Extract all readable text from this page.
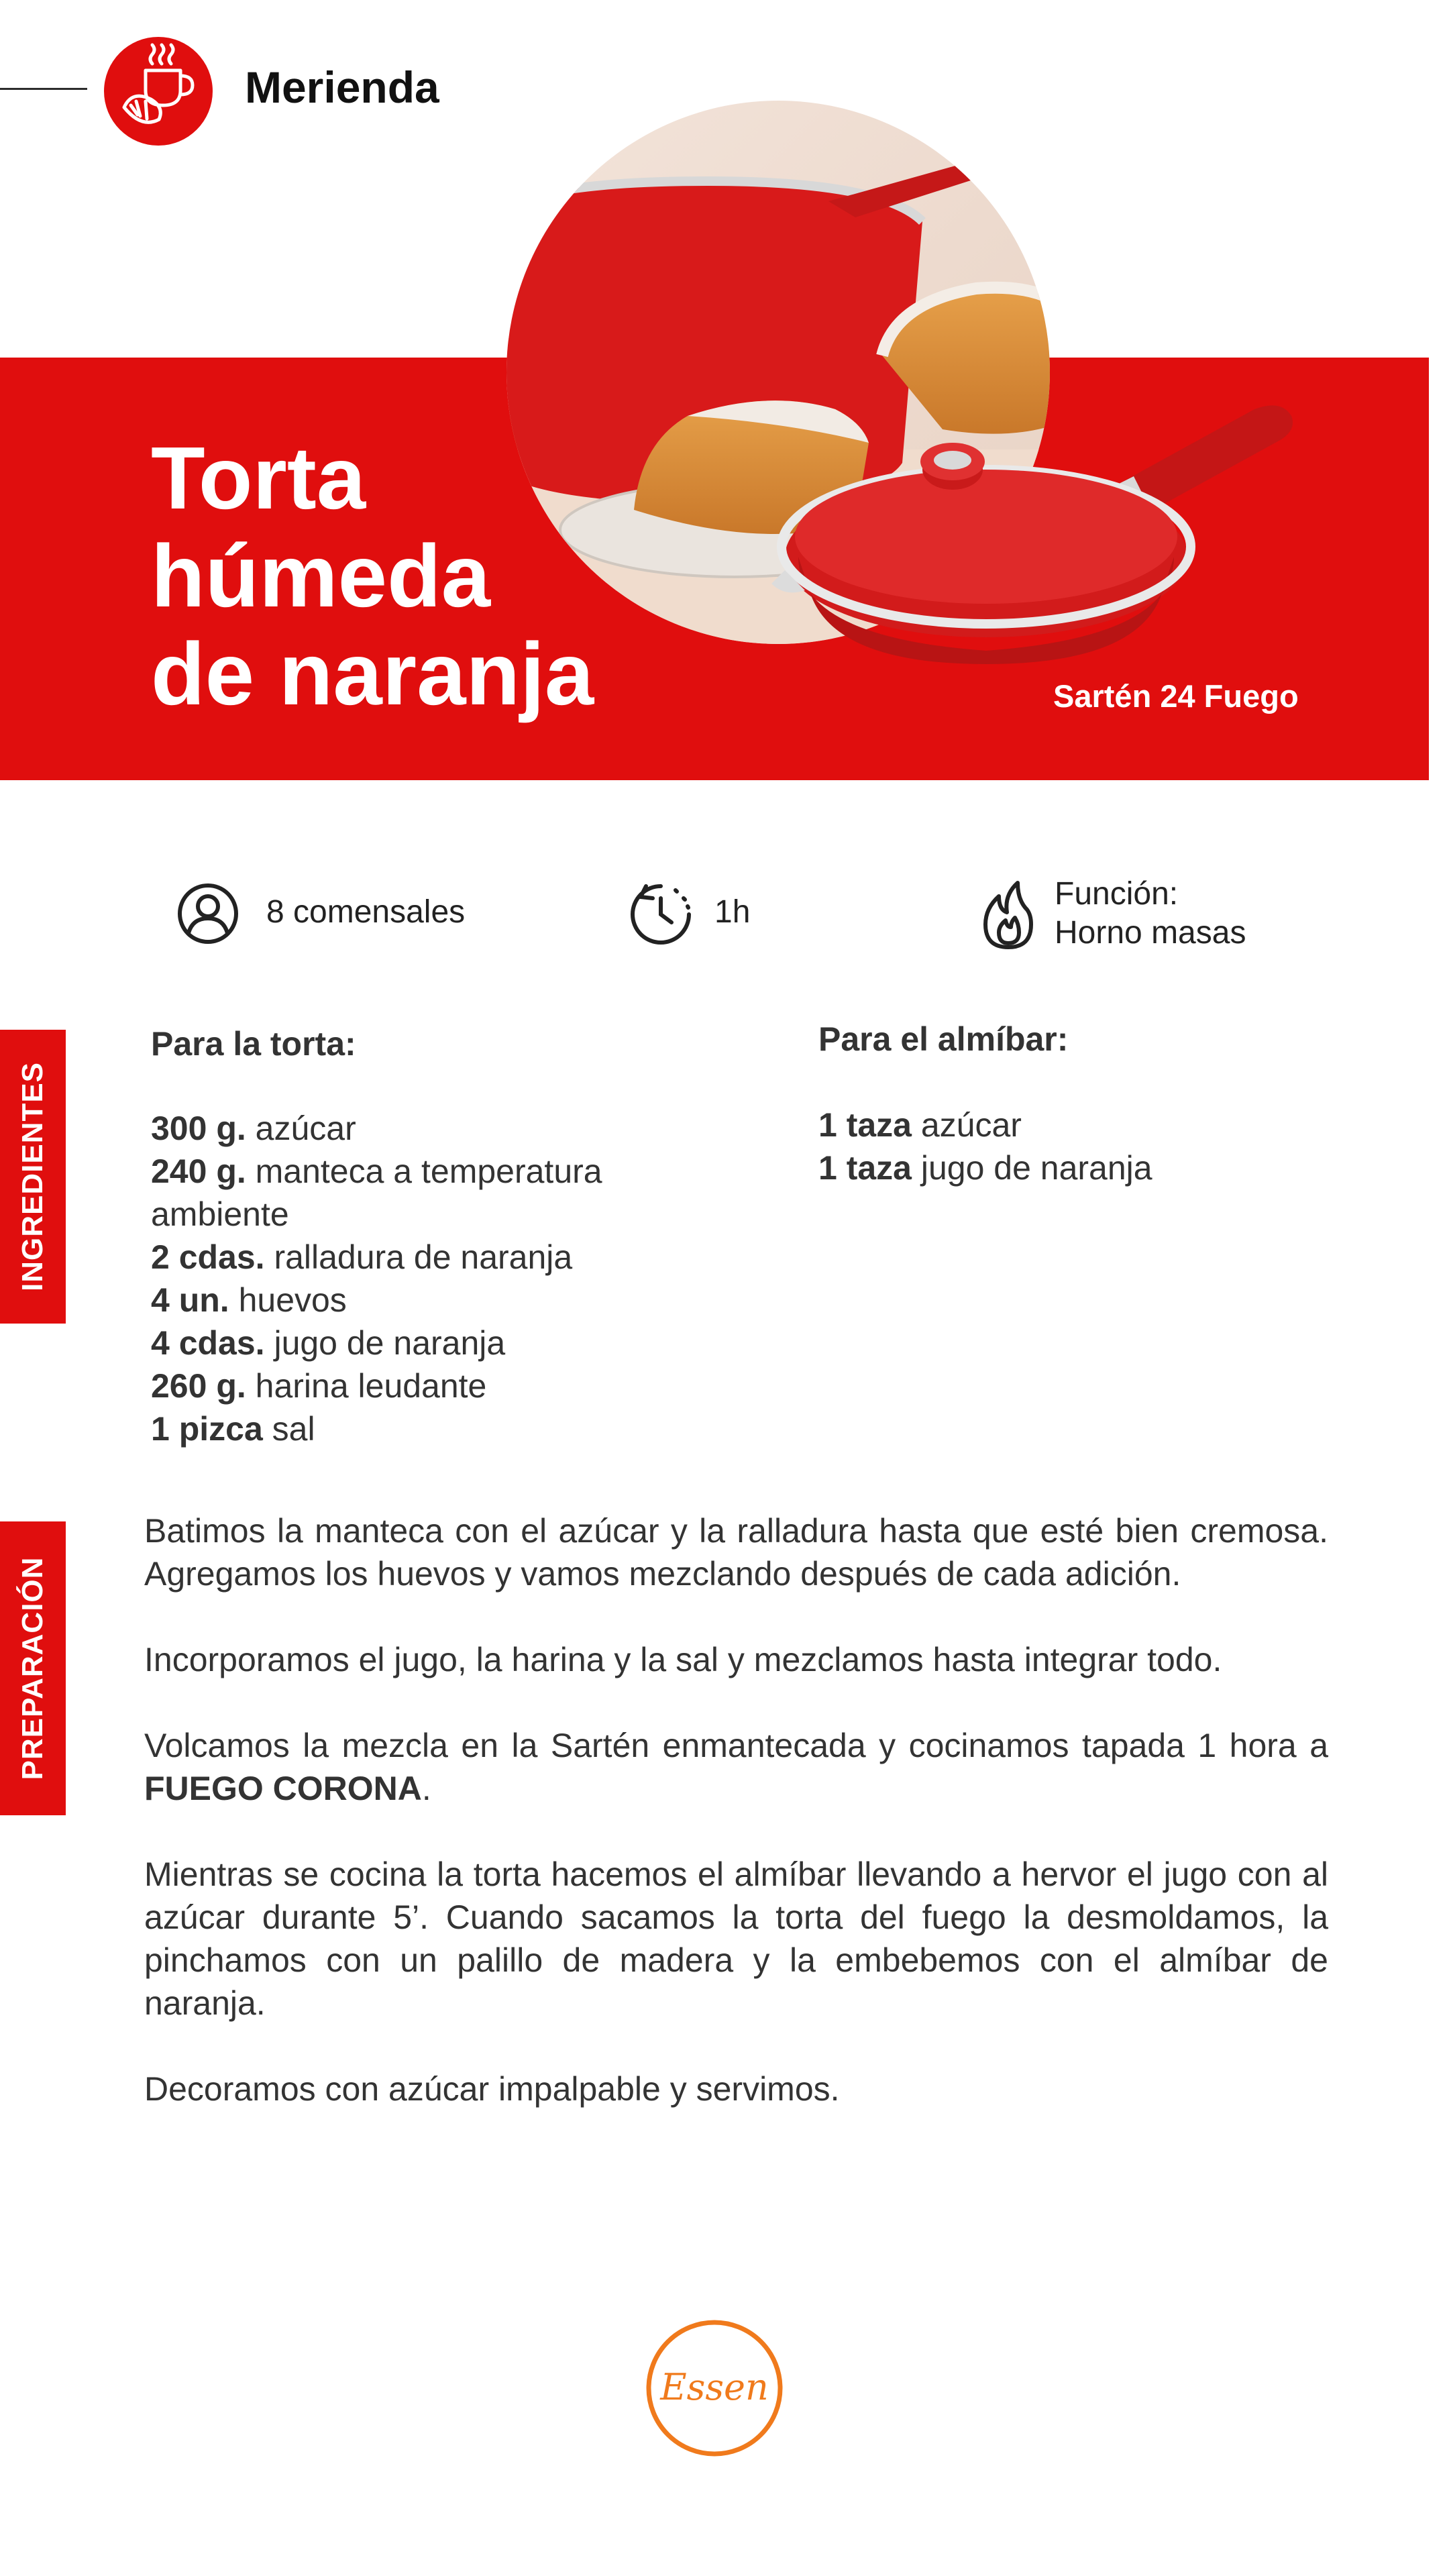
Merienda
Torta
húmeda
de naranja	Sartén 24 Fuego
8 comensales	1h
Función:
Horno masas
INGREDIENTES
PREPARACIÓN
Para la torta:
300 g. azúcar
240 g. manteca a temperatura ambiente
2 cdas. ralladura de naranja
4 un. huevos
4 cdas. jugo de naranja
260 g. harina leudante
1 pizca sal
Para el almíbar:
1 taza azúcar
1 taza jugo de naranja

Batimos la manteca con el azúcar y la ralladura hasta que esté bien cremosa. Agregamos los huevos y vamos mezclando después de cada adición.

Incorporamos el jugo, la harina y la sal y mezclamos hasta integrar todo.

Volcamos la mezcla en la Sartén enmantecada y cocinamos tapada 1 hora a FUEGO CORONA.

Mientras se cocina la torta hacemos el almíbar llevando a hervor el jugo con al azúcar durante 5’. Cuando sacamos la torta del fuego la desmoldamos, la pinchamos con un palillo de madera y la embebemos con el almíbar de naranja.

Decoramos con azúcar impalpable y servimos.

Essen
